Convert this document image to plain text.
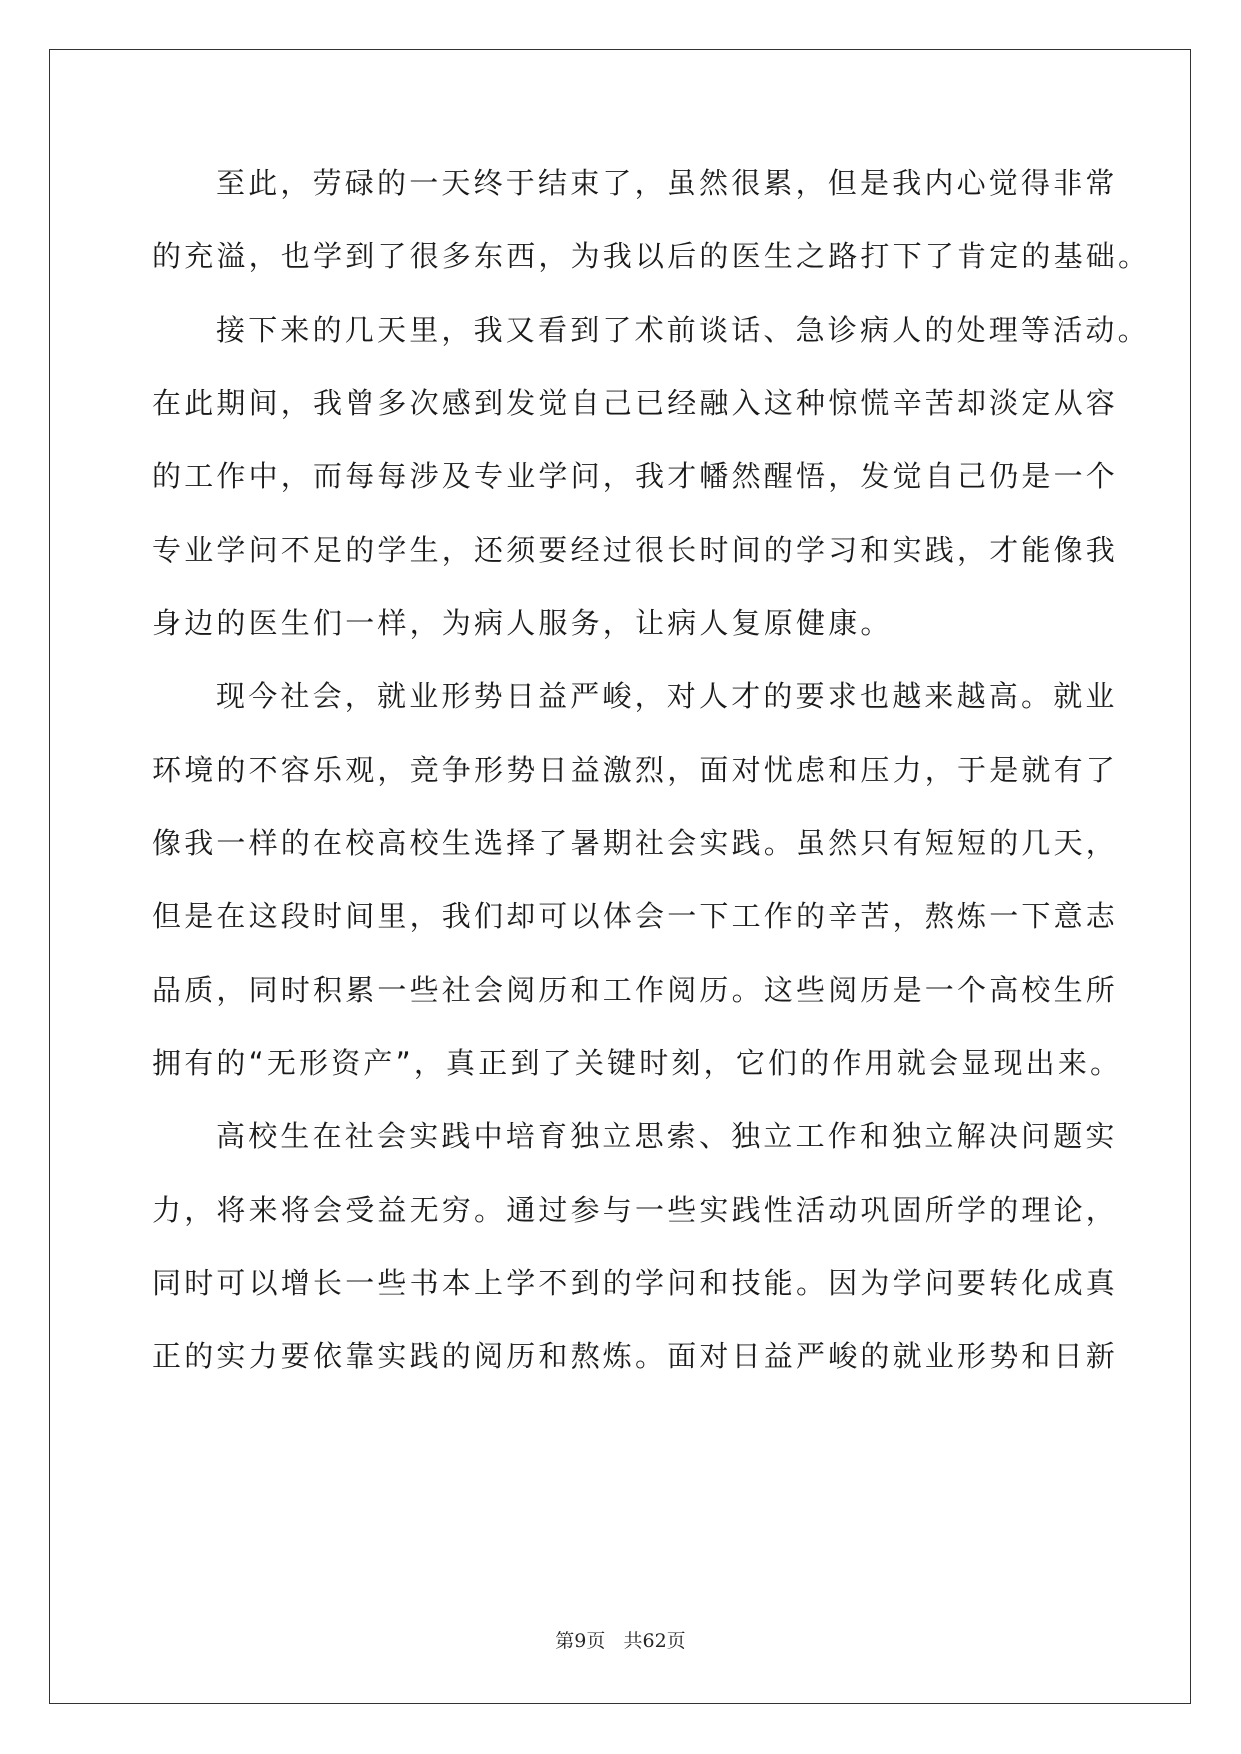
至此，劳碌的一天终于结束了，虽然很累，但是我内心觉得非常
的充溢，也学到了很多东西，为我以后的医生之路打下了肯定的基础。
接下来的几天里，我又看到了术前谈话、急诊病人的处理等活动。
在此期间，我曾多次感到发觉自己已经融入这种惊慌辛苦却淡定从容
的工作中，而每每涉及专业学问，我才幡然醒悟，发觉自己仍是一个
专业学问不足的学生，还须要经过很长时间的学习和实践，才能像我
身边的医生们一样，为病人服务，让病人复原健康。
现今社会，就业形势日益严峻，对人才的要求也越来越高。就业
环境的不容乐观，竞争形势日益激烈，面对忧虑和压力，于是就有了
像我一样的在校高校生选择了暑期社会实践。虽然只有短短的几天，
但是在这段时间里，我们却可以体会一下工作的辛苦，熬炼一下意志
品质，同时积累一些社会阅历和工作阅历。这些阅历是一个高校生所
拥有的“无形资产”，真正到了关键时刻，它们的作用就会显现出来。
高校生在社会实践中培育独立思索、独立工作和独立解决问题实
力，将来将会受益无穷。通过参与一些实践性活动巩固所学的理论，
同时可以增长一些书本上学不到的学问和技能。因为学问要转化成真
正的实力要依靠实践的阅历和熬炼。面对日益严峻的就业形势和日新
第9页   共62页
